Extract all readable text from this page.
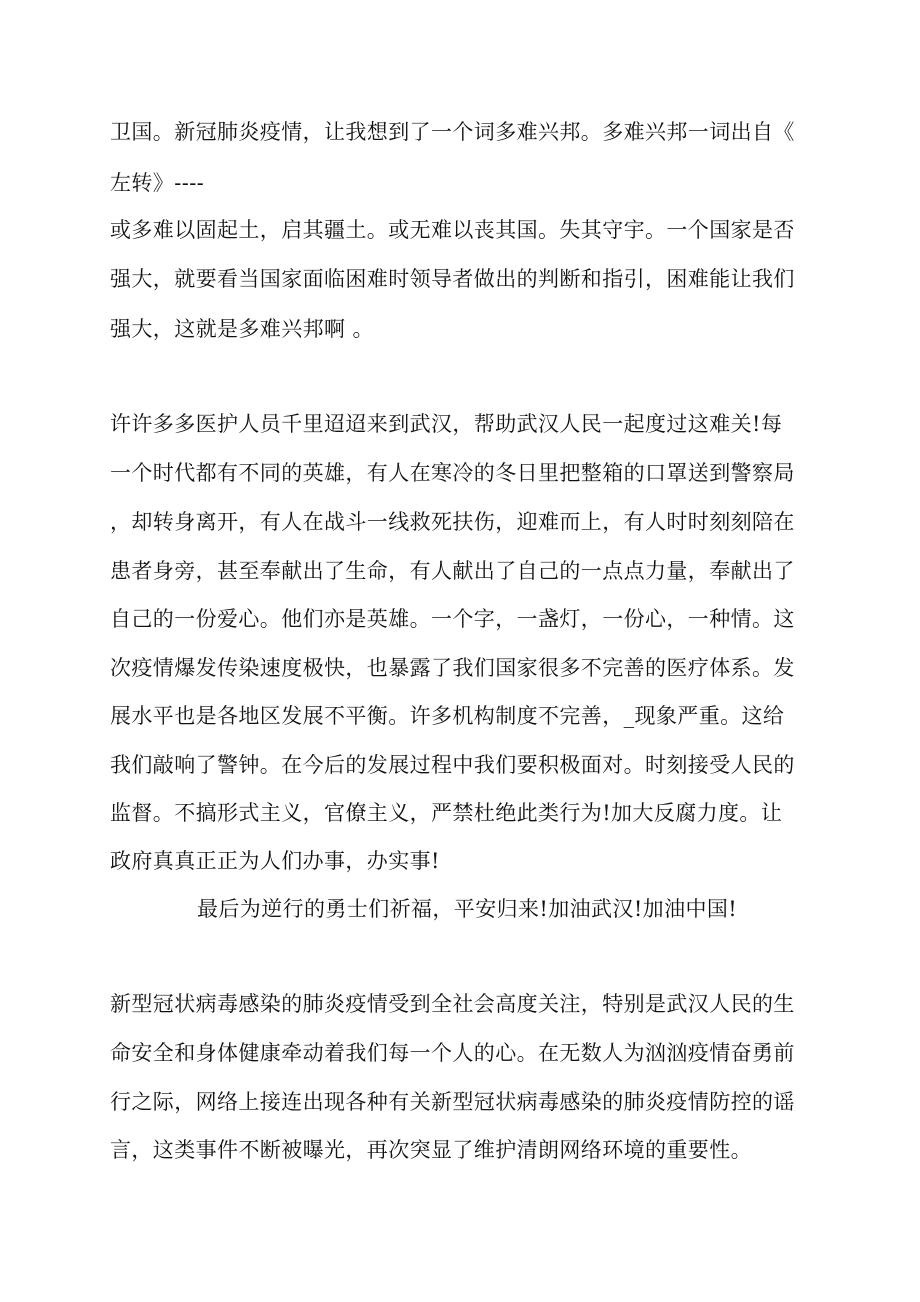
卫国。新冠肺炎疫情，让我想到了一个词多难兴邦。多难兴邦一词出自《
左转》----
或多难以固起土，启其疆土。或无难以丧其国。失其守宇。一个国家是否
强大，就要看当国家面临困难时领导者做出的判断和指引，困难能让我们
强大，这就是多难兴邦啊 。
许许多多医护人员千里迢迢来到武汉，帮助武汉人民一起度过这难关!每
一个时代都有不同的英雄，有人在寒冷的冬日里把整箱的口罩送到警察局
，却转身离开，有人在战斗一线救死扶伤，迎难而上，有人时时刻刻陪在
患者身旁，甚至奉献出了生命，有人献出了自己的一点点力量，奉献出了
自己的一份爱心。他们亦是英雄。一个字，一盏灯，一份心，一种情。这
次疫情爆发传染速度极快，也暴露了我们国家很多不完善的医疗体系。发
展水平也是各地区发展不平衡。许多机构制度不完善，_现象严重。这给
我们敲响了警钟。在今后的发展过程中我们要积极面对。时刻接受人民的
监督。不搞形式主义，官僚主义，严禁杜绝此类行为!加大反腐力度。让
政府真真正正为人们办事，办实事!
最后为逆行的勇士们祈福，平安归来!加油武汉!加油中国!
新型冠状病毒感染的肺炎疫情受到全社会高度关注，特别是武汉人民的生
命安全和身体健康牵动着我们每一个人的心。在无数人为汹汹疫情奋勇前
行之际，网络上接连出现各种有关新型冠状病毒感染的肺炎疫情防控的谣
言，这类事件不断被曝光，再次突显了维护清朗网络环境的重要性。
